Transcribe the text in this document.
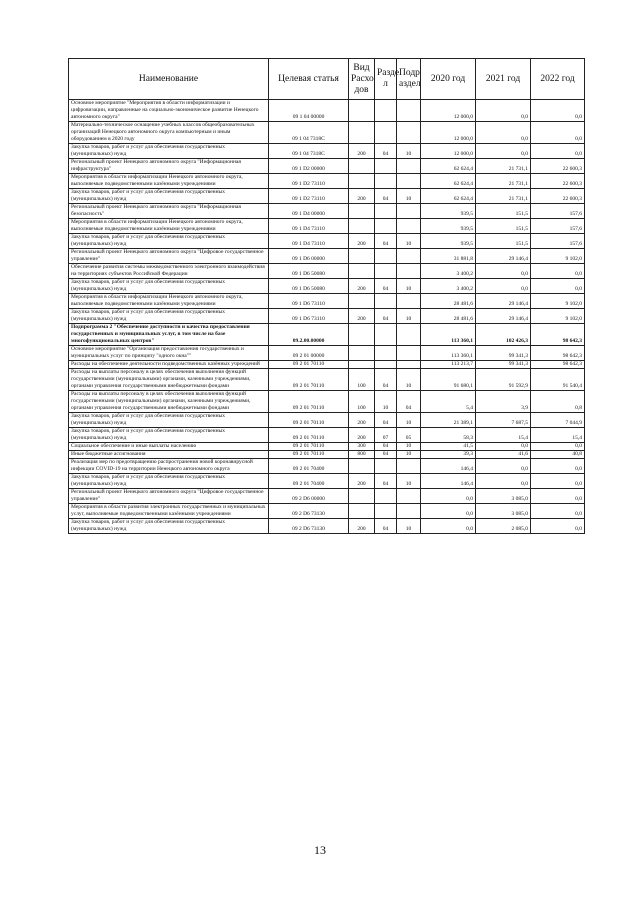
Наименование	Целевая статья	Вид Расхо дов	Разде л	Подр аздел	2020 год	2021 год	2022 год
Основное мероприятие "Мероприятия в области информатизации и цифровизации, направленные на социально-экономическое развитие Ненецкого автономного округа"	09 1 04 00000				12 000,0	0,0	0,0
Материально-техническое оснащение учебных классов общеобразовательных организаций Ненецкого автономного округа компьютерным и иным оборудованием в 2020 году	09 1 04 7318С				12 000,0	0,0	0,0
Закупка товаров, работ и услуг для обеспечения государственных (муниципальных) нужд	09 1 04 7318С	200	04	10	12 000,0	0,0	0,0
Региональный проект Ненецкого автономного округа "Информационная инфраструктура"	09 1 D2 00000				62 624,4	21 731,1	22 600,3
Мероприятия в области информатизации Ненецкого автономного округа, выполняемые подведомственными казёнными учреждениями	09 1 D2 73110				62 624,4	21 731,1	22 600,3
Закупка товаров, работ и услуг для обеспечения государственных (муниципальных) нужд	09 1 D2 73110	200	04	10	62 624,4	21 731,1	22 600,3
Региональный проект Ненецкого автономного округа "Информационная безопасность"	09 1 D4 00000				939,5	151,5	157,6
Мероприятия в области информатизации Ненецкого автономного округа, выполняемые подведомственными казёнными учреждениями	09 1 D4 73110				939,5	151,5	157,6
Закупка товаров, работ и услуг для обеспечения государственных (муниципальных) нужд	09 1 D4 73110	200	04	10	939,5	151,5	157,6
Региональный проект Ненецкого автономного округа "Цифровое государственное управление"	09 1 D6 00000				31 881,8	29 146,4	9 102,0
Обеспечение развития системы межведомственного электронного взаимодействия на территориях субъектов Российской Федерации	09 1 D6 50080				3 400,2	0,0	0,0
Закупка товаров, работ и услуг для обеспечения государственных (муниципальных) нужд	09 1 D6 50080	200	04	10	3 400,2	0,0	0,0
Мероприятия в области информатизации Ненецкого автономного округа, выполняемые подведомственными казёнными учреждениями	09 1 D6 73110				28 481,6	29 146,4	9 102,0
Закупка товаров, работ и услуг для обеспечения государственных (муниципальных) нужд	09 1 D6 73110	200	04	10	28 481,6	29 146,4	9 102,0
Подпрограмма 2 "Обеспечение доступности и качества предоставления государственных и муниципальных услуг, в том числе на базе многофункциональных центров"	09.2.00.00000				113 360,1	102 426,3	98 642,3
Основное мероприятие "Организация предоставления государственных и муниципальных услуг по принципу "одного окна""	09 2 01 00000				113 360,1	99 341,3	98 642,3
Расходы на обеспечение деятельности подведомственных казённых учреждений	09 2 01 70110				113 213,7	99 341,3	98 642,3
Расходы на выплаты персоналу в целях обеспечения выполнения функций государственными (муниципальными) органами, казенными учреждениями, органами управления государственными внебюджетными фондами	09 2 01 70110	100	04	10	91 680,1	91 592,9	91 540,4
Расходы на выплаты персоналу в целях обеспечения выполнения функций государственными (муниципальными) органами, казенными учреждениями, органами управления государственными внебюджетными фондами	09 2 01 70110	100	10	04	5,4	3,9	0,8
Закупка товаров, работ и услуг для обеспечения государственных (муниципальных) нужд	09 2 01 70110	200	04	10	21 389,1	7 687,5	7 044,9
Закупка товаров, работ и услуг для обеспечения государственных (муниципальных) нужд	09 2 01 70110	200	07	05	58,3	15,4	15,4
Социальное обеспечение и иные выплаты населению	09 2 01 70110	300	04	10	41,5	0,0	0,0
Иные бюджетные ассигнования	09 2 01 70110	800	04	10	39,3	41,6	40,8
Реализация мер по предотвращению распространения новой коронавирусной инфекции COVID-19 на территории Ненецкого автономного округа	09 2 01 70400				146,4	0,0	0,0
Закупка товаров, работ и услуг для обеспечения государственных (муниципальных) нужд	09 2 01 70400	200	04	10	146,4	0,0	0,0
Региональный проект Ненецкого автономного округа "Цифровое государственное управление"	09 2 D6 00000				0,0	3 085,0	0,0
Мероприятия в области развития электронных государственных и муниципальных услуг, выполняемые подведомственными казёнными учреждениями	09 2 D6 73130				0,0	3 085,0	0,0
Закупка товаров, работ и услуг для обеспечения государственных (муниципальных) нужд	09 2 D6 73130	200	04	10	0,0	2 085,0	0,0
13
